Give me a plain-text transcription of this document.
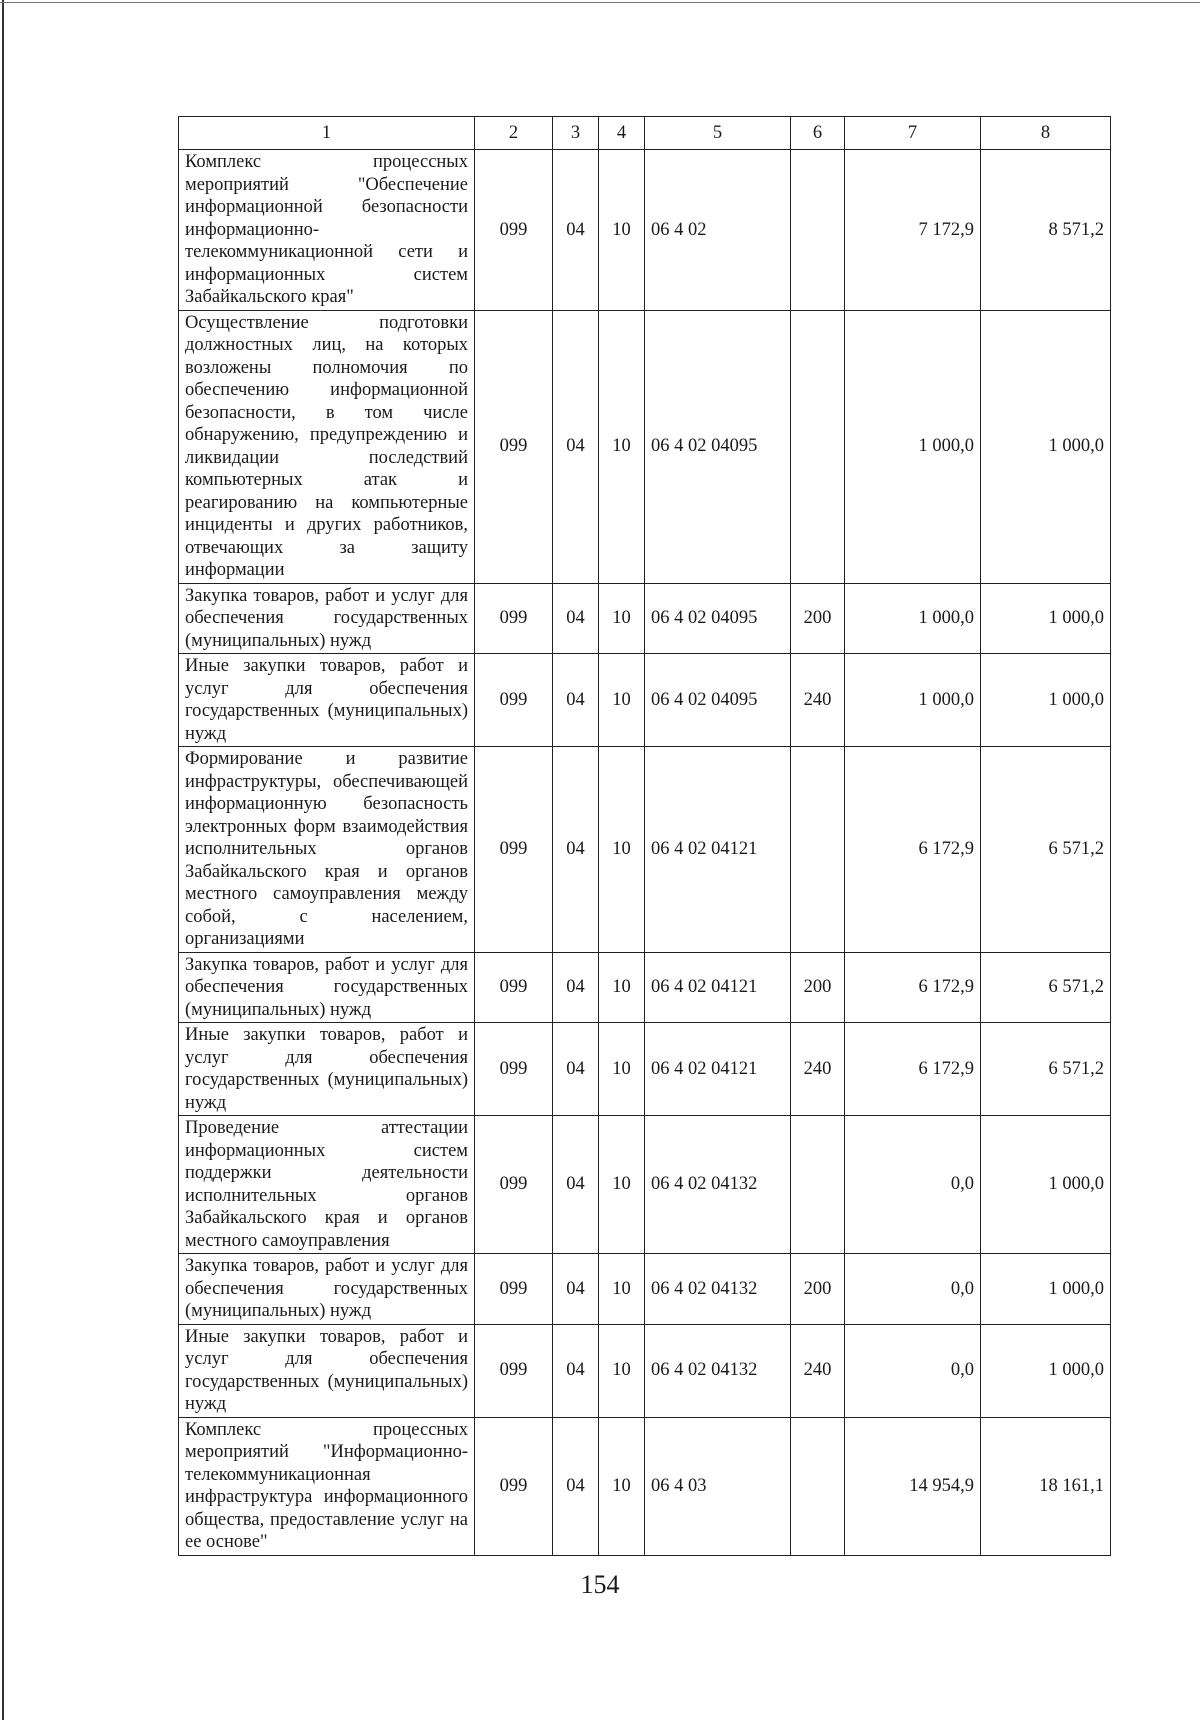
1	2	3	4	5	6	7	8
Комплекс процессных мероприятий "Обеспечение информационной безопасности информационно-телекоммуникационной сети и информационных систем Забайкальского края"	099	04	10	06 4 02		7 172,9	8 571,2
Осуществление подготовки должностных лиц, на которых возложены полномочия по обеспечению информационной безопасности, в том числе обнаружению, предупреждению и ликвидации последствий компьютерных атак и реагированию на компьютерные инциденты и других работников, отвечающих за защиту информации	099	04	10	06 4 02 04095		1 000,0	1 000,0
Закупка товаров, работ и услуг для обеспечения государственных (муниципальных) нужд	099	04	10	06 4 02 04095	200	1 000,0	1 000,0
Иные закупки товаров, работ и услуг для обеспечения государственных (муниципальных) нужд	099	04	10	06 4 02 04095	240	1 000,0	1 000,0
Формирование и развитие инфраструктуры, обеспечивающей информационную безопасность электронных форм взаимодействия исполнительных органов Забайкальского края и органов местного самоуправления между собой, с населением, организациями	099	04	10	06 4 02 04121		6 172,9	6 571,2
Закупка товаров, работ и услуг для обеспечения государственных (муниципальных) нужд	099	04	10	06 4 02 04121	200	6 172,9	6 571,2
Иные закупки товаров, работ и услуг для обеспечения государственных (муниципальных) нужд	099	04	10	06 4 02 04121	240	6 172,9	6 571,2
Проведение аттестации информационных систем поддержки деятельности исполнительных органов Забайкальского края и органов местного самоуправления	099	04	10	06 4 02 04132		0,0	1 000,0
Закупка товаров, работ и услуг для обеспечения государственных (муниципальных) нужд	099	04	10	06 4 02 04132	200	0,0	1 000,0
Иные закупки товаров, работ и услуг для обеспечения государственных (муниципальных) нужд	099	04	10	06 4 02 04132	240	0,0	1 000,0
Комплекс процессных мероприятий "Информационно-телекоммуникационная инфраструктура информационного общества, предоставление услуг на ее основе"	099	04	10	06 4 03		14 954,9	18 161,1
154
